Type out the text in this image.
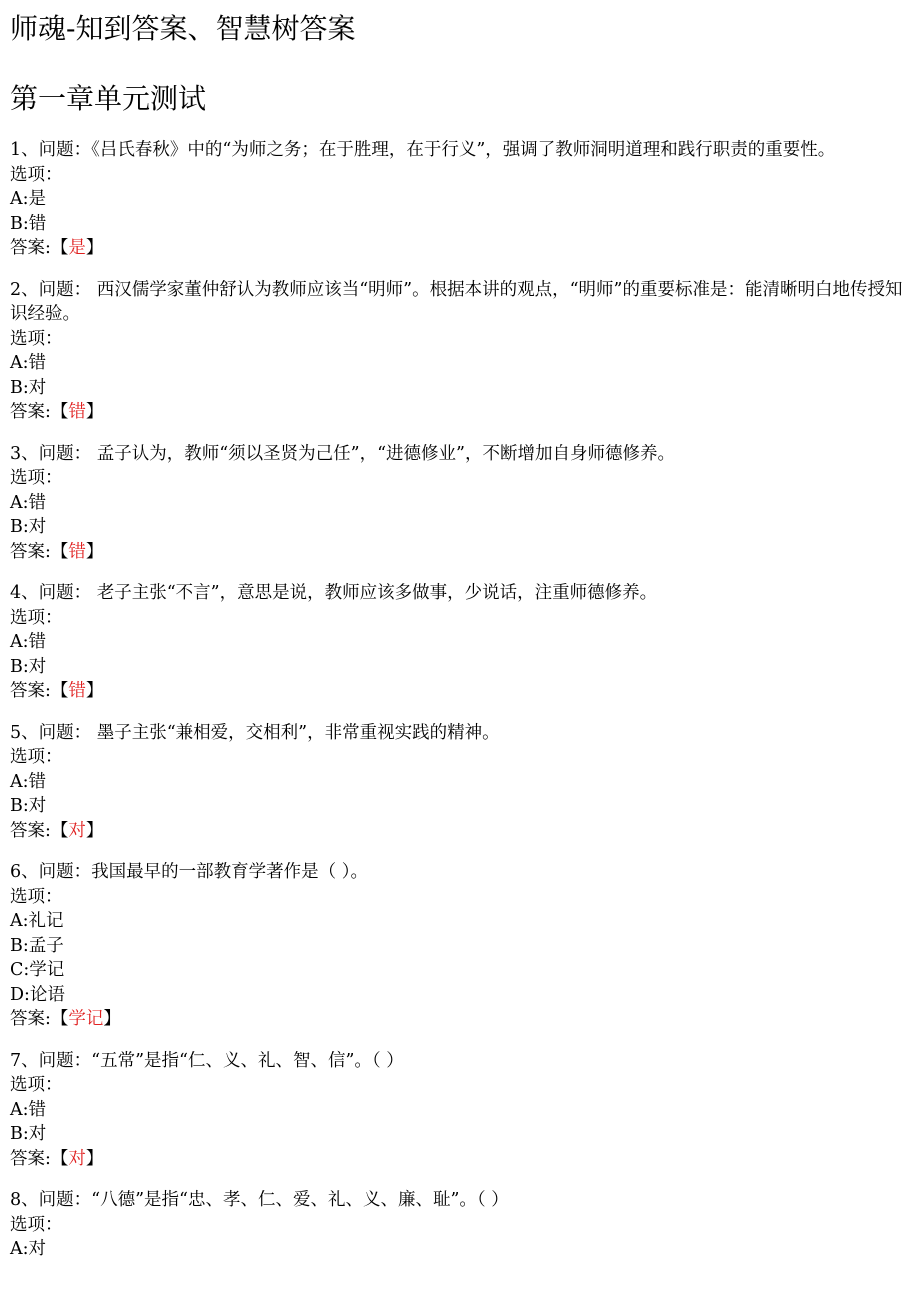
师魂-知到答案、智慧树答案
第一章单元测试

1、问题：《吕氏春秋》中的“为师之务；在于胜理，在于行义”，强调了教师洞明道理和践行职责的重要性。

选项：
A:是
B:错
答案:【是】

2、问题： 西汉儒学家董仲舒认为教师应该当“明师”。根据本讲的观点，“明师”的重要标准是：能清晰明白地传授知识经验。

选项：
A:错
B:对
答案:【错】

3、问题： 孟子认为，教师“须以圣贤为己任”，“进德修业”，不断增加自身师德修养。

选项：
A:错
B:对
答案:【错】

4、问题： 老子主张“不言”，意思是说，教师应该多做事，少说话，注重师德修养。

选项：
A:错
B:对
答案:【错】

5、问题： 墨子主张“兼相爱，交相利”，非常重视实践的精神。

选项：
A:错
B:对
答案:【对】

6、问题：我国最早的一部教育学著作是（ ）。

选项：
A:礼记
B:孟子
C:学记
D:论语
答案:【学记】

7、问题：“五常”是指“仁、义、礼、智、信”。（ ）

选项：
A:错
B:对
答案:【对】

8、问题：“八德”是指“忠、孝、仁、爱、礼、义、廉、耻”。（ ）

选项：
A:对
